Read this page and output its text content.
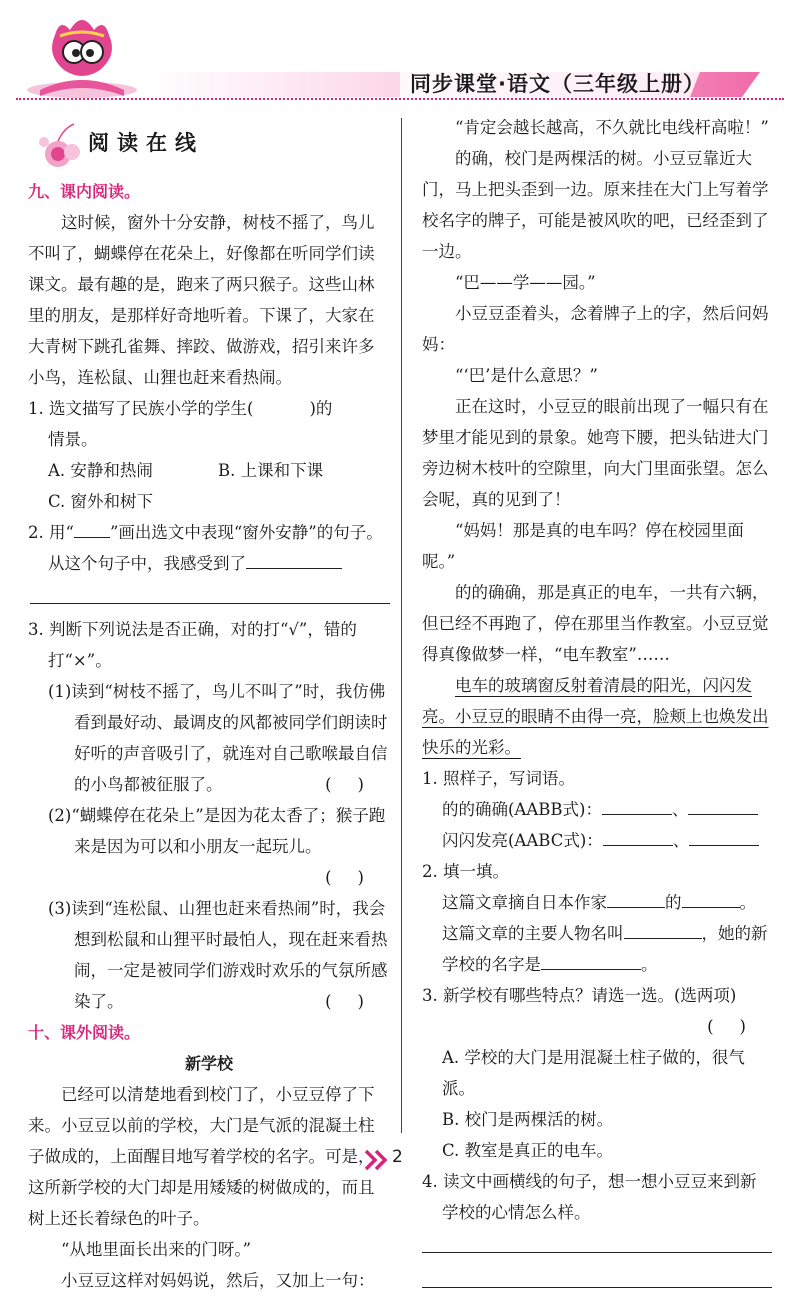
同步课堂·语文（三年级上册）
阅读在线
九、课内阅读。

这时候，窗外十分安静，树枝不摇了，鸟儿不叫了，蝴蝶停在花朵上，好像都在听同学们读课文。最有趣的是，跑来了两只猴子。这些山林里的朋友，是那样好奇地听着。下课了，大家在大青树下跳孔雀舞、摔跤、做游戏，招引来许多小鸟，连松鼠、山狸也赶来看热闹。

1. 选文描写了民族小学的学生(	)的
情景。
A. 安静和热闹	B. 上课和下课
C. 窗外和树下
2. 用“ ”画出选文中表现“窗外安静”的句子。从这个句子中，我感受到了
3. 判断下列说法是否正确，对的打“√”，错的打“×”。
(1)读到“树枝不摇了，鸟儿不叫了”时，我仿佛看到最好动、最调皮的风都被同学们朗读时好听的声音吸引了，就连对自己歌喉最自信的小鸟都被征服了。	()
(2)“蝴蝶停在花朵上”是因为花太香了；猴子跑来是因为可以和小朋友一起玩儿。
()
(3)读到“连松鼠、山狸也赶来看热闹”时，我会想到松鼠和山狸平时最怕人，现在赶来看热闹，一定是被同学们游戏时欢乐的气氛所感染了。	()
十、课外阅读。
新学校

已经可以清楚地看到校门了，小豆豆停了下来。小豆豆以前的学校，大门是气派的混凝土柱子做成的，上面醒目地写着学校的名字。可是，这所新学校的大门却是用矮矮的树做成的，而且树上还长着绿色的叶子。

“从地里面长出来的门呀。”

小豆豆这样对妈妈说，然后，又加上一句：

“肯定会越长越高，不久就比电线杆高啦！”

的确，校门是两棵活的树。小豆豆靠近大门，马上把头歪到一边。原来挂在大门上写着学校名字的牌子，可能是被风吹的吧，已经歪到了一边。

“巴——学——园。”

小豆豆歪着头，念着牌子上的字，然后问妈妈：

“‘巴’是什么意思？”

正在这时，小豆豆的眼前出现了一幅只有在梦里才能见到的景象。她弯下腰，把头钻进大门旁边树木枝叶的空隙里，向大门里面张望。怎么会呢，真的见到了！

“妈妈！那是真的电车吗？停在校园里面呢。”

的的确确，那是真正的电车，一共有六辆，但已经不再跑了，停在那里当作教室。小豆豆觉得真像做梦一样，“电车教室”……

电车的玻璃窗反射着清晨的阳光，闪闪发亮。小豆豆的眼睛不由得一亮，脸颊上也焕发出快乐的光彩。

1. 照样子，写词语。
的的确确(AABB式)：	、
闪闪发亮(AABC式)：	、
2. 填一填。
这篇文章摘自日本作家	的	。
这篇文章的主要人物名叫	，她的新
学校的名字是	。
3. 新学校有哪些特点？请选一选。(选两项)
()
A. 学校的大门是用混凝土柱子做的，很气派。
B. 校门是两棵活的树。
C. 教室是真正的电车。
4. 读文中画横线的句子，想一想小豆豆来到新学校的心情怎么样。
2
